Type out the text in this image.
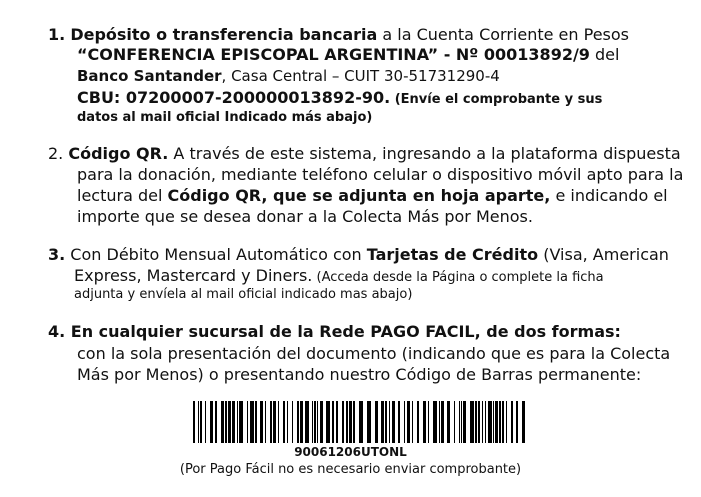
1. Depósito o transferencia bancaria a la Cuenta Corriente en Pesos
“CONFERENCIA EPISCOPAL ARGENTINA” - Nº 00013892/9 del
Banco Santander, Casa Central – CUIT 30-51731290-4
CBU: 07200007-200000013892-90. (Envíe el comprobante y sus
datos al mail oficial Indicado más abajo)
2. Código QR. A través de este sistema, ingresando a la plataforma dispuesta
para la donación, mediante teléfono celular o dispositivo móvil apto para la
lectura del Código QR, que se adjunta en hoja aparte, e indicando el
importe que se desea donar a la Colecta Más por Menos.
3. Con Débito Mensual Automático con Tarjetas de Crédito (Visa, American
Express, Mastercard y Diners. (Acceda desde la Página o complete la ficha
adjunta y envíela al mail oficial indicado mas abajo)
4. En cualquier sucursal de la Rede PAGO FACIL, de dos formas:
con la sola presentación del documento (indicando que es para la Colecta
Más por Menos) o presentando nuestro Código de Barras permanente:
90061206UTONL
(Por Pago Fácil no es necesario enviar comprobante)
